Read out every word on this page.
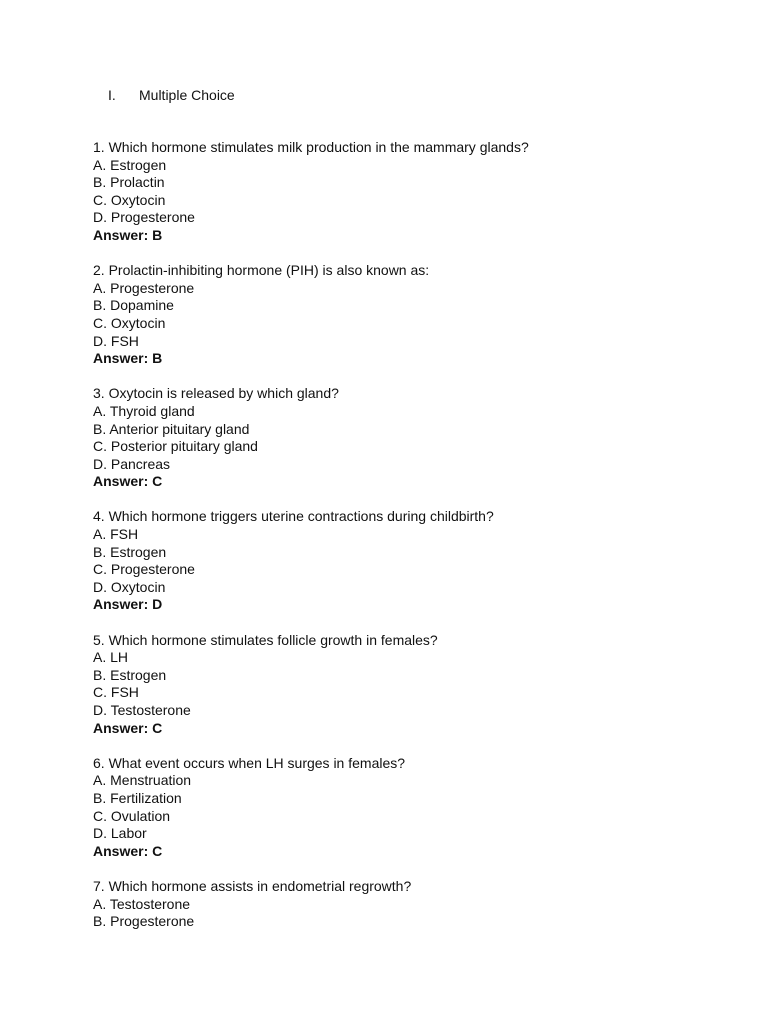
I.	Multiple Choice
1. Which hormone stimulates milk production in the mammary glands?
A. Estrogen
B. Prolactin
C. Oxytocin
D. Progesterone
Answer: B
2. Prolactin-inhibiting hormone (PIH) is also known as:
A. Progesterone
B. Dopamine
C. Oxytocin
D. FSH
Answer: B
3. Oxytocin is released by which gland?
A. Thyroid gland
B. Anterior pituitary gland
C. Posterior pituitary gland
D. Pancreas
Answer: C
4. Which hormone triggers uterine contractions during childbirth?
A. FSH
B. Estrogen
C. Progesterone
D. Oxytocin
Answer: D
5. Which hormone stimulates follicle growth in females?
A. LH
B. Estrogen
C. FSH
D. Testosterone
Answer: C
6. What event occurs when LH surges in females?
A. Menstruation
B. Fertilization
C. Ovulation
D. Labor
Answer: C
7. Which hormone assists in endometrial regrowth?
A. Testosterone
B. Progesterone
